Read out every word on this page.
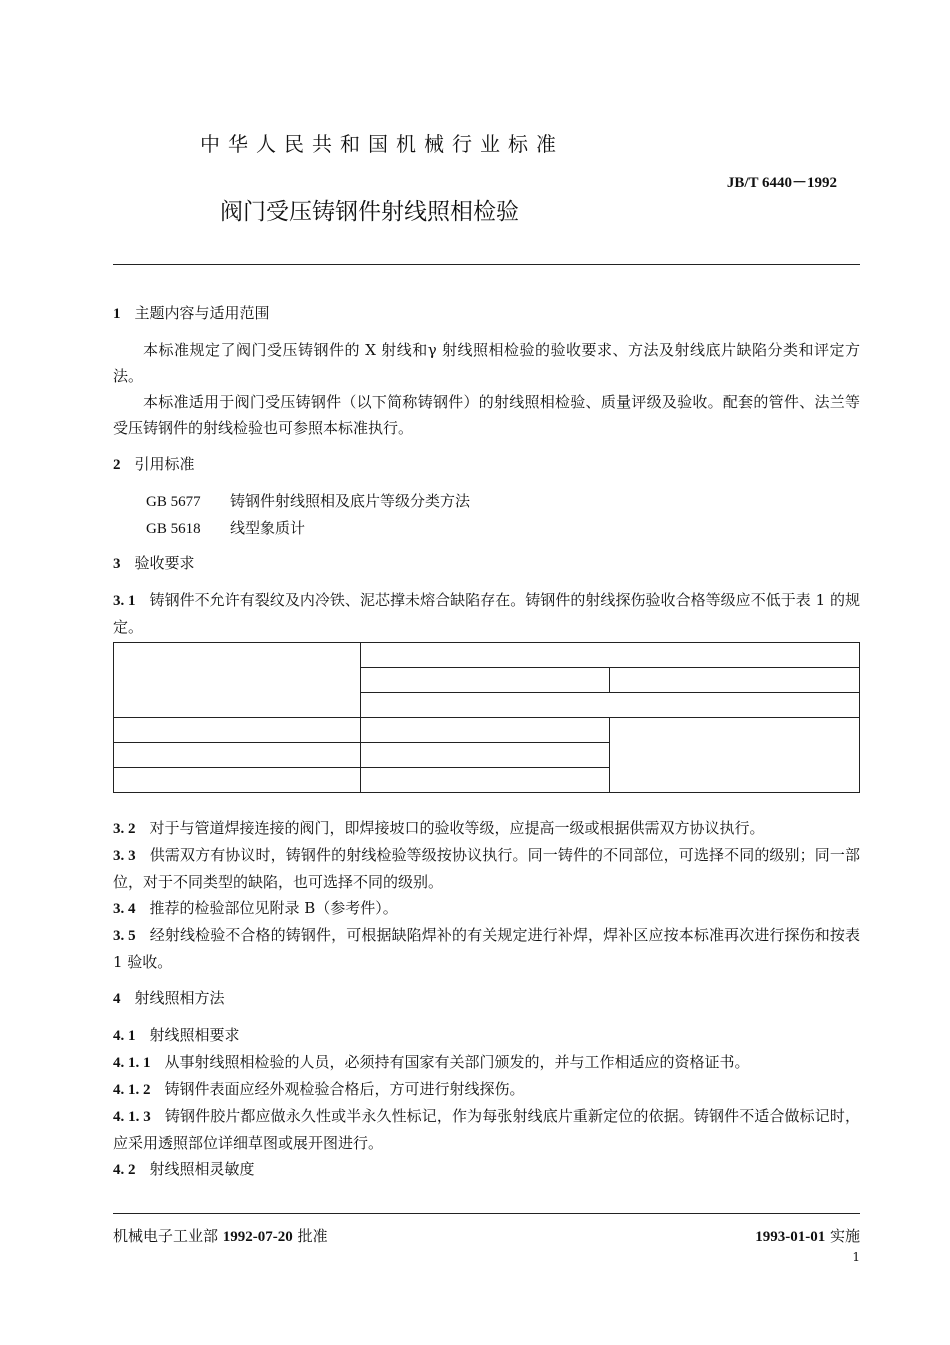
中华人民共和国机械行业标准
JB/T 6440－1992
阀门受压铸钢件射线照相检验

1 主题内容与适用范围

本标准规定了阀门受压铸钢件的 X 射线和γ 射线照相检验的验收要求、方法及射线底片缺陷分类和评定方法。

本标准适用于阀门受压铸钢件（以下简称铸钢件）的射线照相检验、质量评级及验收。配套的管件、法兰等受压铸钢件的射线检验也可参照本标准执行。

2 引用标准

GB 5677 铸钢件射线照相及底片等级分类方法

GB 5618 线型象质计

3 验收要求

3. 1 铸钢件不允许有裂纹及内冷铁、泥芯撑未熔合缺陷存在。铸钢件的射线探伤验收合格等级应不低于表 1 的规定。

3. 2 对于与管道焊接连接的阀门，即焊接坡口的验收等级，应提高一级或根据供需双方协议执行。

3. 3 供需双方有协议时，铸钢件的射线检验等级按协议执行。同一铸件的不同部位，可选择不同的级别；同一部位，对于不同类型的缺陷，也可选择不同的级别。

3. 4 推荐的检验部位见附录 B（参考件）。

3. 5 经射线检验不合格的铸钢件，可根据缺陷焊补的有关规定进行补焊，焊补区应按本标准再次进行探伤和按表 1 验收。

4 射线照相方法

4. 1 射线照相要求

4. 1. 1 从事射线照相检验的人员，必须持有国家有关部门颁发的，并与工作相适应的资格证书。

4. 1. 2 铸钢件表面应经外观检验合格后，方可进行射线探伤。

4. 1. 3 铸钢件胶片都应做永久性或半永久性标记，作为每张射线底片重新定位的依据。铸钢件不适合做标记时，应采用透照部位详细草图或展开图进行。

4. 2 射线照相灵敏度

机械电子工业部 1992-07-20 批准	1993-01-01 实施
1
